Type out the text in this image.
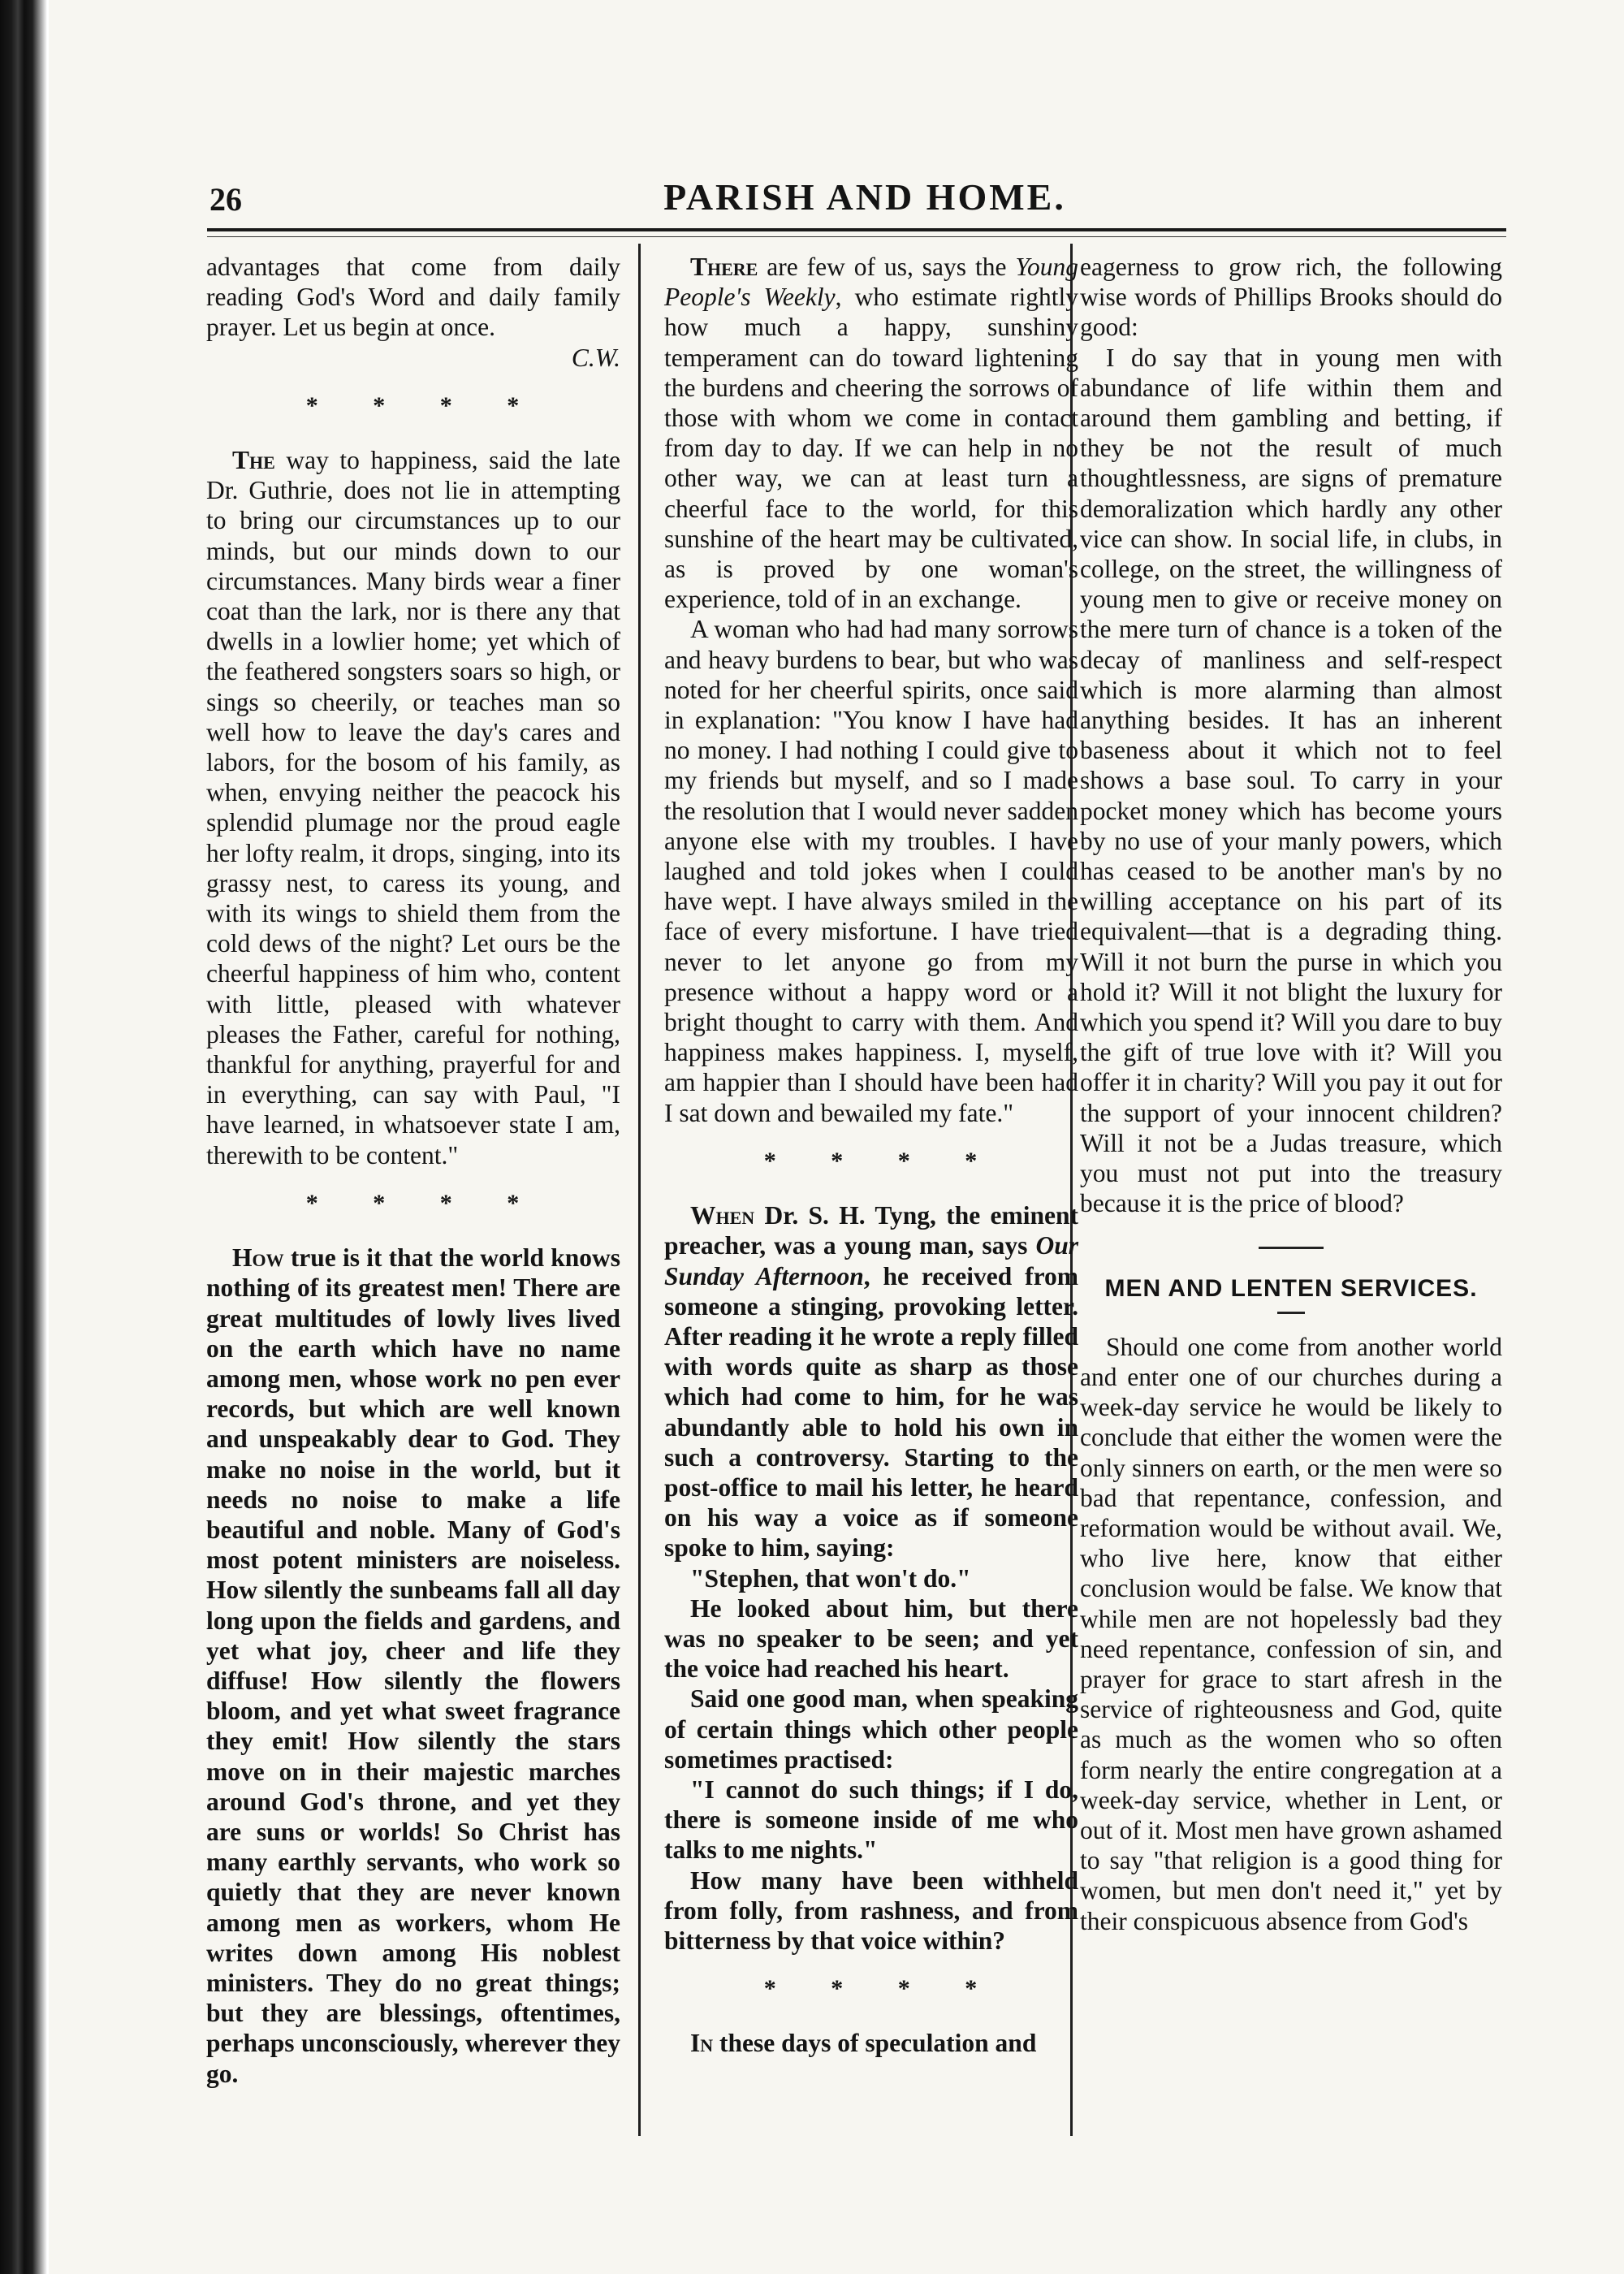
26	PARISH AND HOME.

advantages that come from daily reading God's Word and daily family prayer. Let us begin at once.

C.W.

* * * *

The way to happiness, said the late Dr. Guthrie, does not lie in attempting to bring our circumstances up to our minds, but our minds down to our circumstances. Many birds wear a finer coat than the lark, nor is there any that dwells in a lowlier home; yet which of the feathered songsters soars so high, or sings so cheerily, or teaches man so well how to leave the day's cares and labors, for the bosom of his family, as when, envying neither the peacock his splendid plumage nor the proud eagle her lofty realm, it drops, singing, into its grassy nest, to caress its young, and with its wings to shield them from the cold dews of the night? Let ours be the cheerful happiness of him who, content with little, pleased with whatever pleases the Father, careful for nothing, thankful for anything, prayerful for and in everything, can say with Paul, "I have learned, in whatsoever state I am, therewith to be content."

* * * *

How true is it that the world knows nothing of its greatest men! There are great multitudes of lowly lives lived on the earth which have no name among men, whose work no pen ever records, but which are well known and unspeakably dear to God. They make no noise in the world, but it needs no noise to make a life beautiful and noble. Many of God's most potent ministers are noiseless. How silently the sunbeams fall all day long upon the fields and gardens, and yet what joy, cheer and life they diffuse! How silently the flowers bloom, and yet what sweet fragrance they emit! How silently the stars move on in their majestic marches around God's throne, and yet they are suns or worlds! So Christ has many earthly servants, who work so quietly that they are never known among men as workers, whom He writes down among His noblest ministers. They do no great things; but they are blessings, oftentimes, perhaps unconsciously, wherever they go.

There are few of us, says the Young People's Weekly, who estimate rightly how much a happy, sunshiny temperament can do toward lightening the burdens and cheering the sorrows of those with whom we come in contact from day to day. If we can help in no other way, we can at least turn a cheerful face to the world, for this sunshine of the heart may be cultivated, as is proved by one woman's experience, told of in an exchange.

A woman who had had many sorrows and heavy burdens to bear, but who was noted for her cheerful spirits, once said in explanation: "You know I have had no money. I had nothing I could give to my friends but myself, and so I made the resolution that I would never sadden anyone else with my troubles. I have laughed and told jokes when I could have wept. I have always smiled in the face of every misfortune. I have tried never to let anyone go from my presence without a happy word or a bright thought to carry with them. And happiness makes happiness. I, myself, am happier than I should have been had I sat down and bewailed my fate."

* * * *

When Dr. S. H. Tyng, the eminent preacher, was a young man, says Our Sunday Afternoon, he received from someone a stinging, provoking letter. After reading it he wrote a reply filled with words quite as sharp as those which had come to him, for he was abundantly able to hold his own in such a controversy. Starting to the post-office to mail his letter, he heard on his way a voice as if someone spoke to him, saying:

"Stephen, that won't do."

He looked about him, but there was no speaker to be seen; and yet the voice had reached his heart.

Said one good man, when speaking of certain things which other people sometimes practised:

"I cannot do such things; if I do, there is someone inside of me who talks to me nights."

How many have been withheld from folly, from rashness, and from bitterness by that voice within?

* * * *

In these days of speculation and

eagerness to grow rich, the following wise words of Phillips Brooks should do good:

I do say that in young men with abundance of life within them and around them gambling and betting, if they be not the result of much thoughtlessness, are signs of premature demoralization which hardly any other vice can show. In social life, in clubs, in college, on the street, the willingness of young men to give or receive money on the mere turn of chance is a token of the decay of manliness and self-respect which is more alarming than almost anything besides. It has an inherent baseness about it which not to feel shows a base soul. To carry in your pocket money which has become yours by no use of your manly powers, which has ceased to be another man's by no willing acceptance on his part of its equivalent—that is a degrading thing. Will it not burn the purse in which you hold it? Will it not blight the luxury for which you spend it? Will you dare to buy the gift of true love with it? Will you offer it in charity? Will you pay it out for the support of your innocent children? Will it not be a Judas treasure, which you must not put into the treasury because it is the price of blood?

MEN AND LENTEN SERVICES.

Should one come from another world and enter one of our churches during a week-day service he would be likely to conclude that either the women were the only sinners on earth, or the men were so bad that repentance, confession, and reformation would be without avail. We, who live here, know that either conclusion would be false. We know that while men are not hopelessly bad they need repentance, confession of sin, and prayer for grace to start afresh in the service of righteousness and God, quite as much as the women who so often form nearly the entire congregation at a week-day service, whether in Lent, or out of it. Most men have grown ashamed to say "that religion is a good thing for women, but men don't need it," yet by their conspicuous absence from God's
